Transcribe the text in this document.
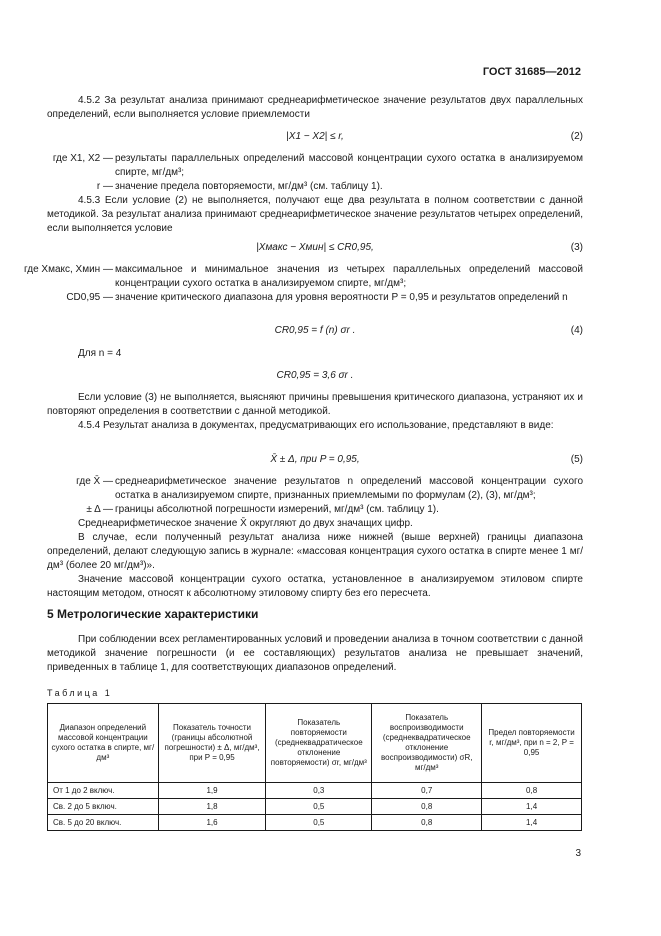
ГОСТ 31685—2012

4.5.2 За результат анализа принимают среднеарифметическое значение результатов двух параллельных определений, если выполняется условие приемлемости

|X1 − X2| ≤ r,	(2)
где X1, X2 — результаты параллельных определений массовой концентрации сухого остатка в анализируемом спирте, мг/дм³;
r — значение предела повторяемости, мг/дм³ (см. таблицу 1).

4.5.3 Если условие (2) не выполняется, получают еще два результата в полном соответствии с данной методикой. За результат анализа принимают среднеарифметическое значение результатов четырех определений, если выполняется условие

|Xмакс − Xмин| ≤ CR0,95,	(3)
где Xмакс, Xмин — максимальное и минимальное значения из четырех параллельных определений массовой концентрации сухого остатка в анализируемом спирте, мг/дм³;
CD0,95 — значение критического диапазона для уровня вероятности P = 0,95 и результатов определений n
CR0,95 = f (n) σr .	(4)

Для n = 4

CR0,95 = 3,6 σr .

Если условие (3) не выполняется, выясняют причины превышения критического диапазона, устраняют их и повторяют определения в соответствии с данной методикой.

4.5.4 Результат анализа в документах, предусматривающих его использование, представляют в виде:

X̄ ± Δ, при P = 0,95,	(5)
где X̄ — среднеарифметическое значение результатов n определений массовой концентрации сухого остатка в анализируемом спирте, признанных приемлемыми по формулам (2), (3), мг/дм³;
± Δ — границы абсолютной погрешности измерений, мг/дм³ (см. таблицу 1).

Среднеарифметическое значение X̄ округляют до двух значащих цифр.

В случае, если полученный результат анализа ниже нижней (выше верхней) границы диапазона определений, делают следующую запись в журнале: «массовая концентрация сухого остатка в спирте менее 1 мг/дм³ (более 20 мг/дм³)».

Значение массовой концентрации сухого остатка, установленное в анализируемом этиловом спирте настоящим методом, относят к абсолютному этиловому спирту без его пересчета.

5 Метрологические характеристики

При соблюдении всех регламентированных условий и проведении анализа в точном соответствии с данной методикой значение погрешности (и ее составляющих) результатов анализа не превышает значений, приведенных в таблице 1, для соответствующих диапазонов определений.

Таблица 1
Диапазон определений массовой концентрации сухого остатка в спирте, мг/дм³	Показатель точности (границы абсолютной погрешности) ± Δ, мг/дм³, при P = 0,95	Показатель повторяемости (среднеквадратическое отклонение повторяемости) σr, мг/дм³	Показатель воспроизводимости (среднеквадратическое отклонение воспроизводимости) σR, мг/дм³	Предел повторяемости r, мг/дм³, при n = 2, P = 0,95
От 1 до 2 включ.	1,9	0,3	0,7	0,8
Св. 2 до 5 включ.	1,8	0,5	0,8	1,4
Св. 5 до 20 включ.	1,6	0,5	0,8	1,4
3
